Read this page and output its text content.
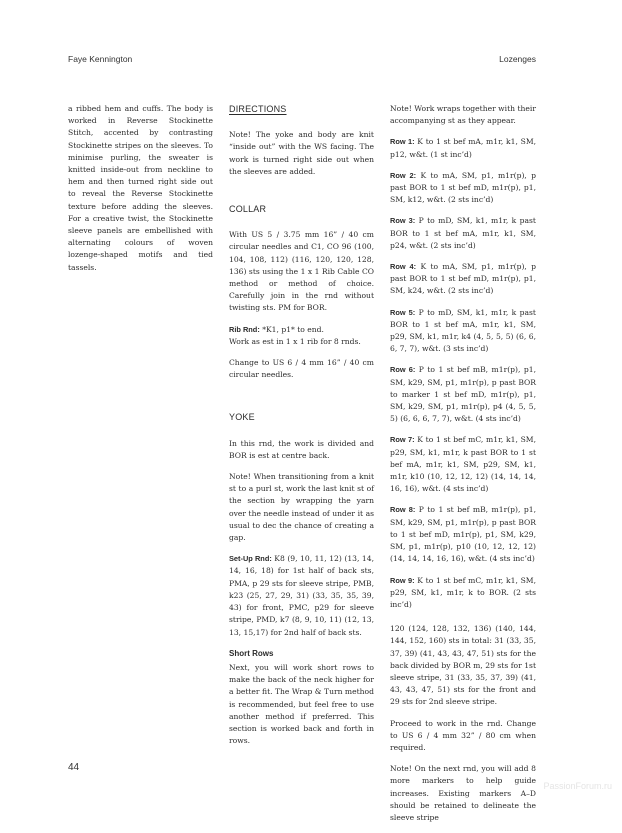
Faye Kennington	Lozenges

a ribbed hem and cuffs. The body is worked in Reverse Stockinette Stitch, accented by contrasting Stockinette stripes on the sleeves. To minimise purling, the sweater is knitted inside-out from neckline to hem and then turned right side out to reveal the Reverse Stockinette texture before adding the sleeves. For a creative twist, the Stockinette sleeve panels are embellished with alternating colours of woven lozenge-shaped motifs and tied tassels.

DIRECTIONS

Note! The yoke and body are knit “inside out” with the WS facing. The work is turned right side out when the sleeves are added.

COLLAR

With US 5 / 3.75 mm 16” / 40 cm circular needles and C1, CO 96 (100, 104, 108, 112) (116, 120, 120, 128, 136) sts using the 1 x 1 Rib Cable CO method or method of choice. Carefully join in the rnd without twisting sts. PM for BOR.

Rib Rnd: *K1, p1* to end.

Work as est in 1 x 1 rib for 8 rnds.

Change to US 6 / 4 mm 16” / 40 cm circular needles.

YOKE

In this rnd, the work is divided and BOR is est at centre back.

Note! When transitioning from a knit st to a purl st, work the last knit st of the section by wrapping the yarn over the needle instead of under it as usual to dec the chance of creating a gap.

Set-Up Rnd: K8 (9, 10, 11, 12) (13, 14, 14, 16, 18) for 1st half of back sts, PMA, p 29 sts for sleeve stripe, PMB, k23 (25, 27, 29, 31) (33, 35, 35, 39, 43) for front, PMC, p29 for sleeve stripe, PMD, k7 (8, 9, 10, 11) (12, 13, 13, 15,17) for 2nd half of back sts.

Short Rows

Next, you will work short rows to make the back of the neck higher for a better fit. The Wrap & Turn method is recommended, but feel free to use another method if preferred. This section is worked back and forth in rows.

Note! Work wraps together with their accompanying st as they appear.

Row 1: K to 1 st bef mA, m1r, k1, SM, p12, w&t. (1 st inc’d)

Row 2: K to mA, SM, p1, m1r(p), p past BOR to 1 st bef mD, m1r(p), p1, SM, k12, w&t. (2 sts inc’d)

Row 3: P to mD, SM, k1, m1r, k past BOR to 1 st bef mA, m1r, k1, SM, p24, w&t. (2 sts inc’d)

Row 4: K to mA, SM, p1, m1r(p), p past BOR to 1 st bef mD, m1r(p), p1, SM, k24, w&t. (2 sts inc’d)

Row 5: P to mD, SM, k1, m1r, k past BOR to 1 st bef mA, m1r, k1, SM, p29, SM, k1, m1r, k4 (4, 5, 5, 5) (6, 6, 6, 7, 7), w&t. (3 sts inc’d)

Row 6: P to 1 st bef mB, m1r(p), p1, SM, k29, SM, p1, m1r(p), p past BOR to marker 1 st bef mD, m1r(p), p1, SM, k29, SM, p1, m1r(p), p4 (4, 5, 5, 5) (6, 6, 6, 7, 7), w&t. (4 sts inc’d)

Row 7: K to 1 st bef mC, m1r, k1, SM, p29, SM, k1, m1r, k past BOR to 1 st bef mA, m1r, k1, SM, p29, SM, k1, m1r, k10 (10, 12, 12, 12) (14, 14, 14, 16, 16), w&t. (4 sts inc’d)

Row 8: P to 1 st bef mB, m1r(p), p1, SM, k29, SM, p1, m1r(p), p past BOR to 1 st bef mD, m1r(p), p1, SM, k29, SM, p1, m1r(p), p10 (10, 12, 12, 12) (14, 14, 14, 16, 16), w&t. (4 sts inc’d)

Row 9: K to 1 st bef mC, m1r, k1, SM, p29, SM, k1, m1r, k to BOR. (2 sts inc’d)

120 (124, 128, 132, 136) (140, 144, 144, 152, 160) sts in total: 31 (33, 35, 37, 39) (41, 43, 43, 47, 51) sts for the back divided by BOR m, 29 sts for 1st sleeve stripe, 31 (33, 35, 37, 39) (41, 43, 43, 47, 51) sts for the front and 29 sts for 2nd sleeve stripe.

Proceed to work in the rnd. Change to US 6 / 4 mm 32” / 80 cm when required.

Note! On the next rnd, you will add 8 more markers to help guide increases. Existing markers A–D should be retained to delineate the sleeve stripe

44
PassionForum.ru
